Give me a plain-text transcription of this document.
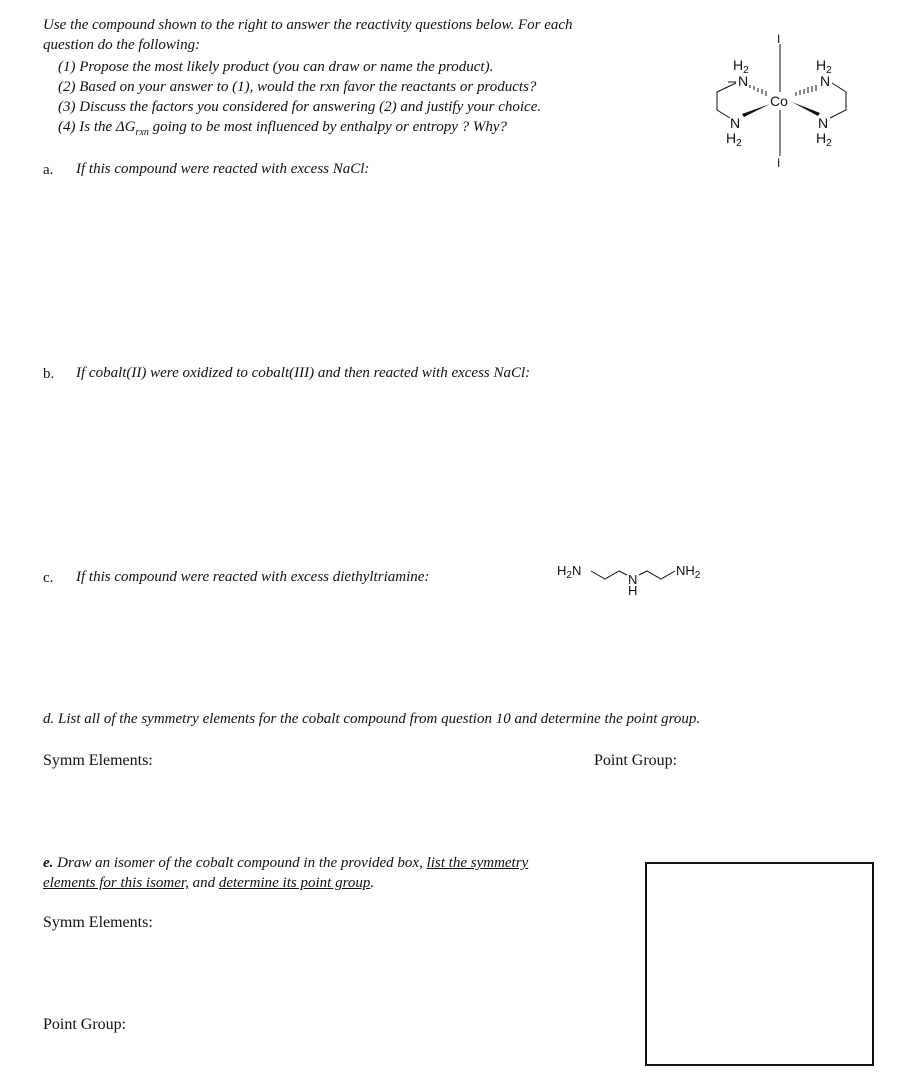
Use the compound shown to the right to answer the reactivity questions below. For each
question do the following:
(1) Propose the most likely product (you can draw or name the product).
(2) Based on your answer to (1), would the rxn favor the reactants or products?
(3) Discuss the factors you considered for answering (2) and justify your choice.
(4) Is the $\Delta G_{rxn}$ going to be most influenced by enthalpy or entropy ? Why?
I
I
Co
$H_2$
N
N
$H_2$
$H_2$
N
N
$H_2$
a. If this compound were reacted with excess NaCl:
b. If cobalt(II) were oxidized to cobalt(III) and then reacted with excess NaCl:
c. If this compound were reacted with excess diethyltriamine:	$H_2N$
N
H
$NH_2$
d. List all of the symmetry elements for the cobalt compound from question 10 and determine the point group.
Symm Elements:	Point Group:
e. Draw an isomer of the cobalt compound in the provided box, list the symmetry
elements for this isomer, and determine its point group.
Symm Elements:
Point Group:
